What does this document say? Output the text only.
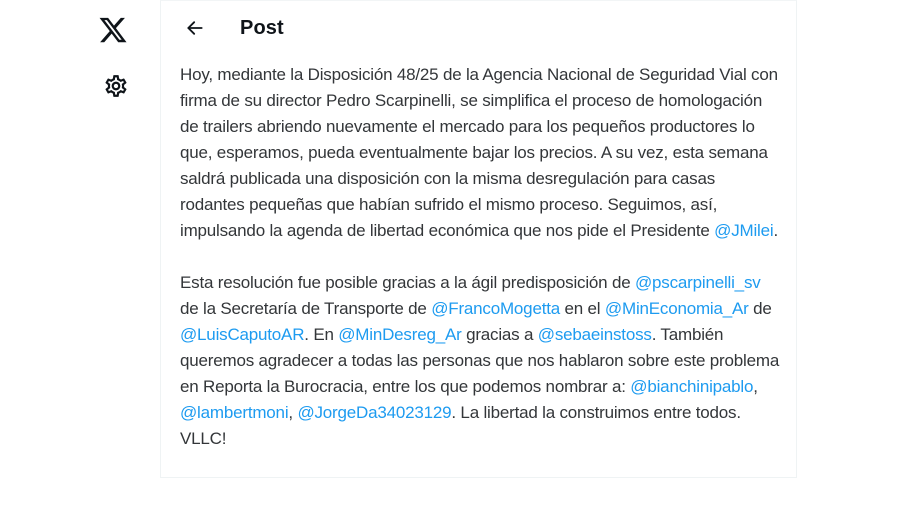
Post

Hoy, mediante la Disposición 48/25 de la Agencia Nacional de Seguridad Vial con firma de su director Pedro Scarpinelli, se simplifica el proceso de homologación de trailers abriendo nuevamente el mercado para los pequeños productores lo que, esperamos, pueda eventualmente bajar los precios. A su vez, esta semana saldrá publicada una disposición con la misma desregulación para casas rodantes pequeñas que habían sufrido el mismo proceso. Seguimos, así, impulsando la agenda de libertad económica que nos pide el Presidente @JMilei.

Esta resolución fue posible gracias a la ágil predisposición de @pscarpinelli_sv de la Secretaría de Transporte de @FrancoMogetta en el @MinEconomia_Ar de @LuisCaputoAR. En @MinDesreg_Ar gracias a @sebaeinstoss. También queremos agradecer a todas las personas que nos hablaron sobre este problema en Reporta la Burocracia, entre los que podemos nombrar a: @bianchinipablo, @lambertmoni, @JorgeDa34023129. La libertad la construimos entre todos. VLLC!
